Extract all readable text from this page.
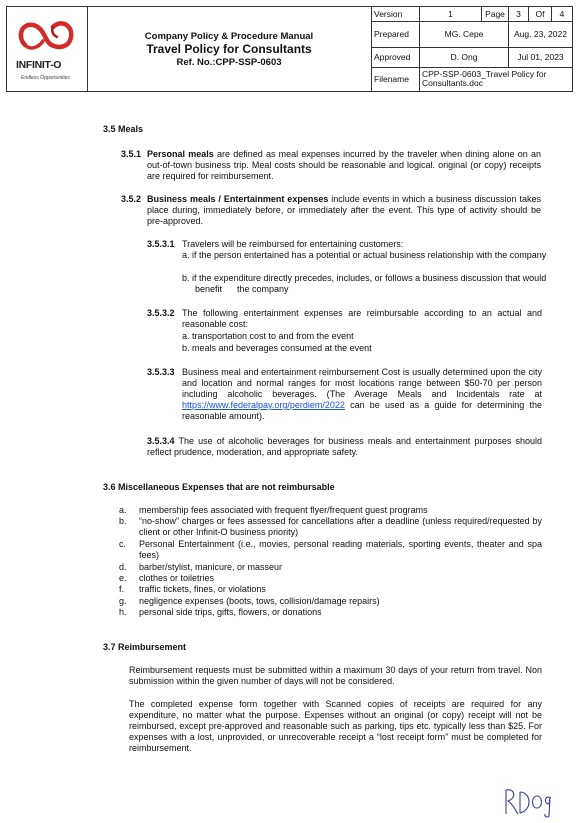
INFINIT-O
Endless Opportunities
Company Policy & Procedure Manual
Travel Policy for Consultants
Ref. No.:CPP-SSP-0603
Version	1	Page	3	Of	4
Prepared	MG. Cepe	Aug. 23, 2022
Approved	D. Ong	Jul 01, 2023
Filename	CPP-SSP-0603_Travel Policy for Consultants.doc
3.5 Meals
3.5.1 Personal meals are defined as meal expenses incurred by the traveler when dining alone on an out-of-town business trip. Meal costs should be reasonable and logical. original (or copy) receipts are required for reimbursement.
3.5.2 Business meals / Entertainment expenses include events in which a business discussion takes place during, immediately before, or immediately after the event. This type of activity should be pre-approved.
3.5.3.1 Travelers will be reimbursed for entertaining customers:
a. if the person entertained has a potential or actual business relationship with the company
b. if the expenditure directly precedes, includes, or follows a business discussion that would benefit      the company
3.5.3.2 The following entertainment expenses are reimbursable according to an actual and reasonable cost:
a. transportation cost to and from the event
b. meals and beverages consumed at the event
3.5.3.3 Business meal and entertainment reimbursement Cost is usually determined upon the city and location and normal ranges for most locations range between $50-70 per person including alcoholic beverages. (The Average Meals and Incidentals rate at https://www.federalpay.org/perdiem/2022 can be used as a guide for determining the reasonable amount).
3.5.3.4 The use of alcoholic beverages for business meals and entertainment purposes should reflect prudence, moderation, and appropriate safety.
3.6 Miscellaneous Expenses that are not reimbursable
a. membership fees associated with frequent flyer/frequent guest programs
b. “no-show” charges or fees assessed for cancellations after a deadline (unless required/requested by client or other Infinit-O business priority)
c. Personal Entertainment (i.e., movies, personal reading materials, sporting events, theater and spa fees)
d. barber/stylist, manicure, or masseur
e. clothes or toiletries
f. traffic tickets, fines, or violations
g. negligence expenses (boots, tows, collision/damage repairs)
h. personal side trips, gifts, flowers, or donations
3.7 Reimbursement
Reimbursement requests must be submitted within a maximum 30 days of your return from travel. Non submission within the given number of days will not be considered.
The completed expense form together with Scanned copies of receipts are required for any expenditure, no matter what the purpose. Expenses without an original (or copy) receipt will not be reimbursed, except pre-approved and reasonable such as parking, tips etc. typically less than $25. For expenses with a lost, unprovided, or unrecoverable receipt a “lost receipt form” must be completed for reimbursement.
